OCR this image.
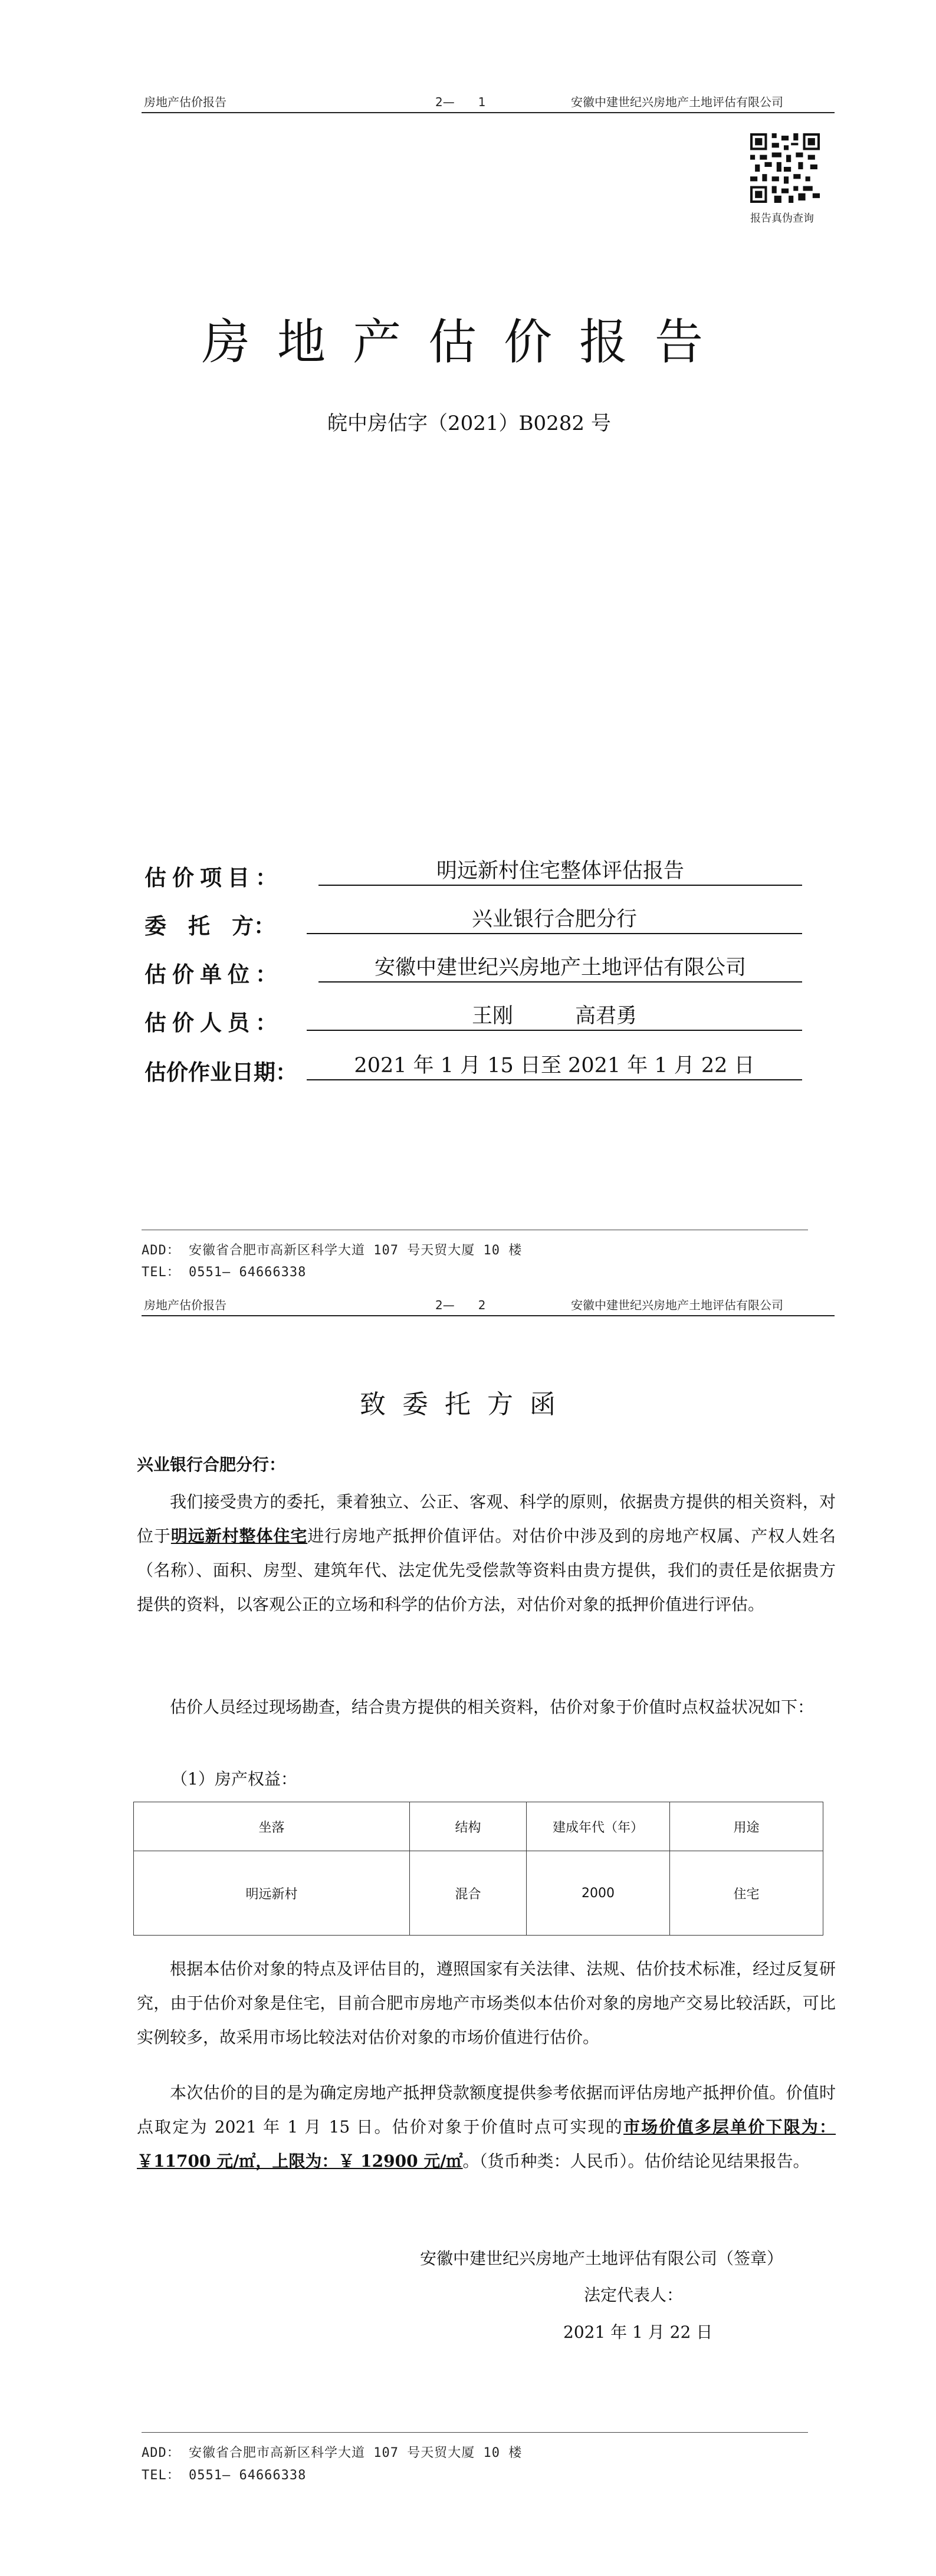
房地产估价报告	2—　　1	安徽中建世纪兴房地产土地评估有限公司
报告真伪查询
房地产估价报告
皖中房估字（2021）B0282 号
估价项目：	明远新村住宅整体评估报告
委　托　方：	兴业银行合肥分行
估价单位：	安徽中建世纪兴房地产土地评估有限公司
估价人员：	王刚　　　高君勇
估价作业日期：	2021 年 1 月 15 日至 2021 年 1 月 22 日
ADD： 安徽省合肥市高新区科学大道 107 号天贸大厦 10 楼
TEL： 0551— 64666338
房地产估价报告	2—　　2	安徽中建世纪兴房地产土地评估有限公司
致委托方函
兴业银行合肥分行：
我们接受贵方的委托，秉着独立、公正、客观、科学的原则，依据贵方提供的相关资料，对位于明远新村整体住宅进行房地产抵押价值评估。对估价中涉及到的房地产权属、产权人姓名（名称）、面积、房型、建筑年代、法定优先受偿款等资料由贵方提供，我们的责任是依据贵方提供的资料，以客观公正的立场和科学的估价方法，对估价对象的抵押价值进行评估。
估价人员经过现场勘查，结合贵方提供的相关资料，估价对象于价值时点权益状况如下：
（1）房产权益：
坐落	结构	建成年代（年）	用途
明远新村	混合	2000	住宅
根据本估价对象的特点及评估目的，遵照国家有关法律、法规、估价技术标准，经过反复研究，由于估价对象是住宅，目前合肥市房地产市场类似本估价对象的房地产交易比较活跃，可比实例较多，故采用市场比较法对估价对象的市场价值进行估价。
本次估价的目的是为确定房地产抵押贷款额度提供参考依据而评估房地产抵押价值。价值时点取定为 2021 年 1 月 15 日。估价对象于价值时点可实现的市场价值多层单价下限为：￥11700 元/㎡，上限为：￥ 12900 元/㎡。（货币种类：人民币）。估价结论见结果报告。
安徽中建世纪兴房地产土地评估有限公司（签章）
法定代表人：
2021 年 1 月 22 日
ADD： 安徽省合肥市高新区科学大道 107 号天贸大厦 10 楼
TEL： 0551— 64666338
